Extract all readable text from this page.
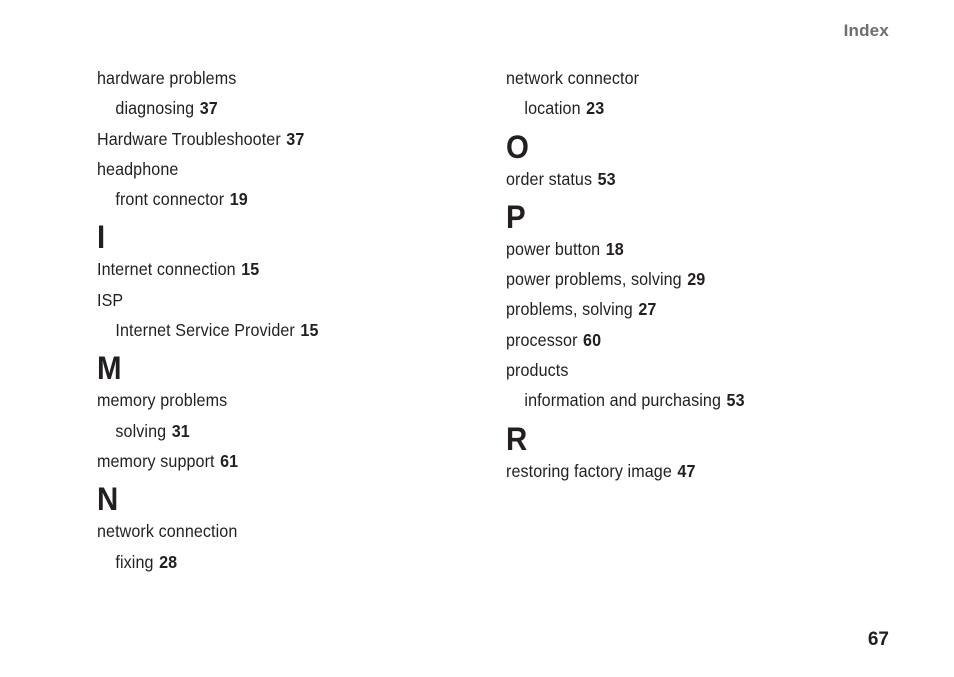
Index
hardware problems
diagnosing 37
Hardware Troubleshooter 37
headphone
front connector 19
I
Internet connection 15
ISP
Internet Service Provider 15
M
memory problems
solving 31
memory support 61
N
network connection
fixing 28
network connector
location 23
O
order status 53
P
power button 18
power problems, solving 29
problems, solving 27
processor 60
products
information and purchasing 53
R
restoring factory image 47
67
